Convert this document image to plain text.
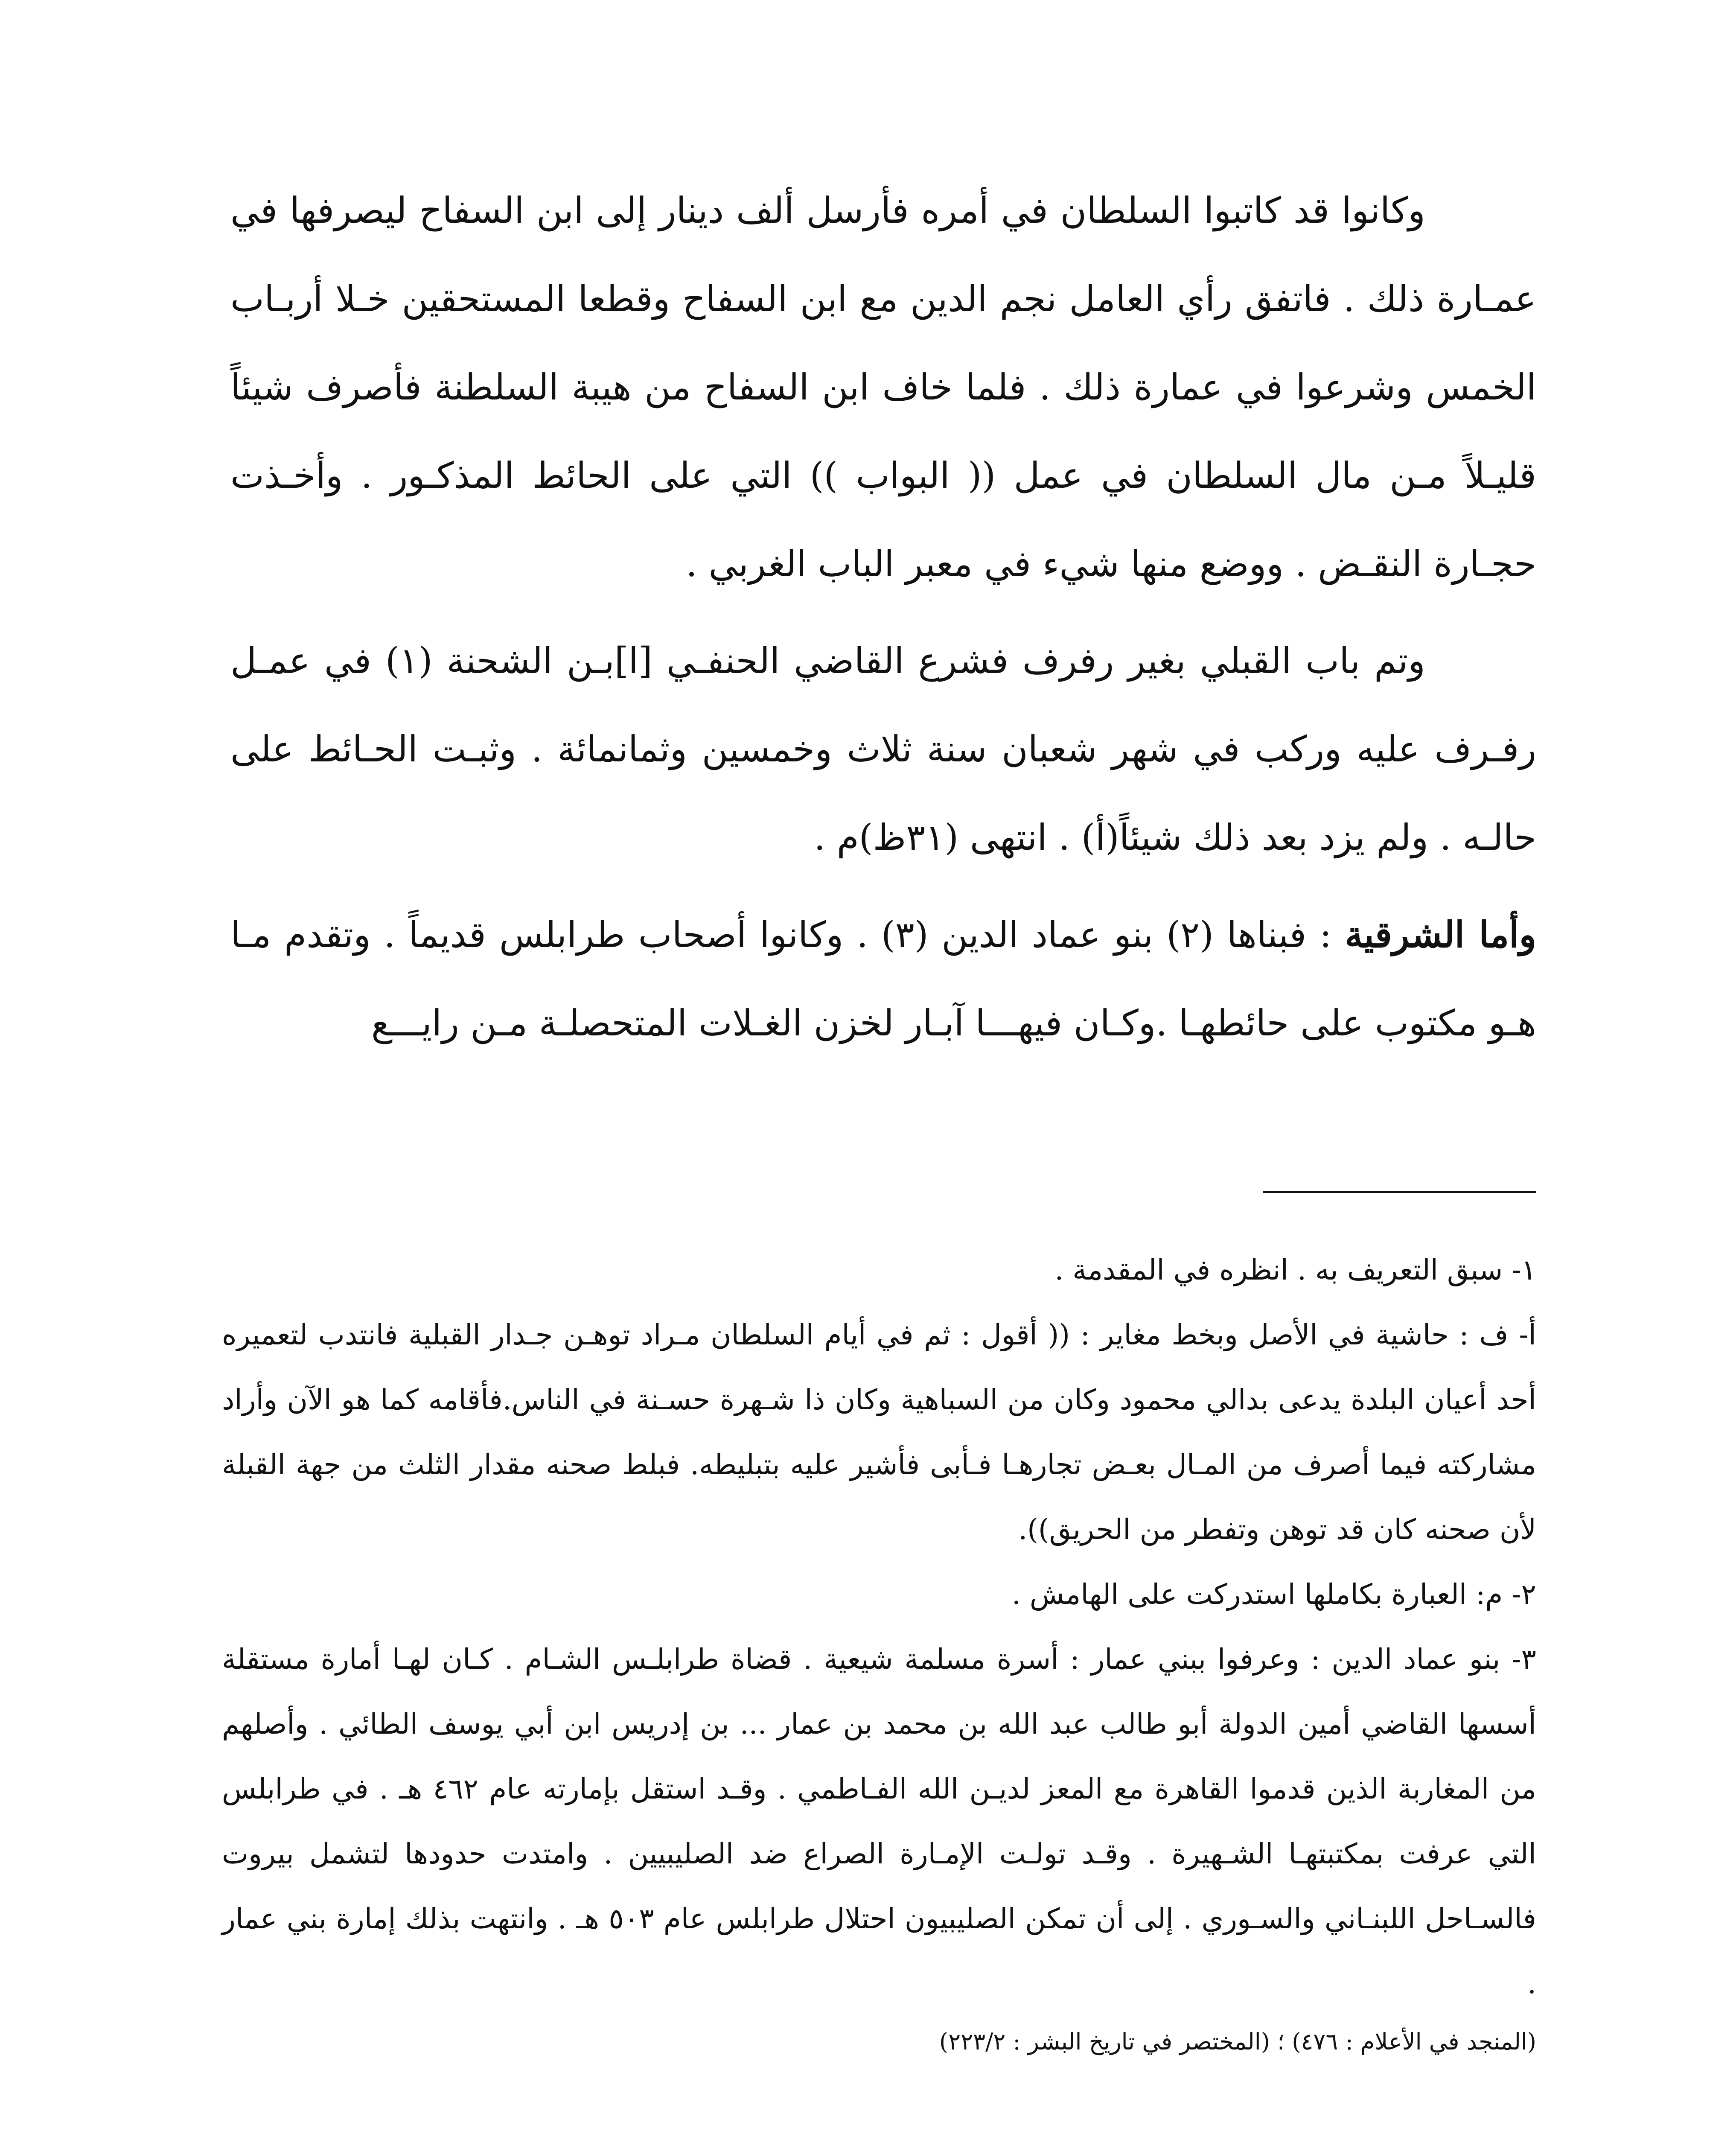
وكانوا قد كاتبوا السلطان في أمره فأرسل ألف دينار إلى ابن السفاح ليصرفها في عمـارة ذلك . فاتفق رأي العامل نجم الدين مع ابن السفاح وقطعا المستحقين خـلا أربـاب الخمس وشرعوا في عمارة ذلك . فلما خاف ابن السفاح من هيبة السلطنة فأصرف شيئاً قليـلاً مـن مال السلطان في عمل (( البواب )) التي على الحائط المذكـور . وأخـذت حجـارة النقـض . ووضع منها شيء في معبر الباب الغربي .

وتم باب القبلي بغير رفرف فشرع القاضي الحنفـي [ا]بـن الشحنة (١) في عمـل رفـرف عليه وركب في شهر شعبان سنة ثلاث وخمسين وثمانمائة . وثبـت الحـائط على حالـه . ولم يزد بعد ذلك شيئاً(أ) . انتهى (٣١ظ)م .

وأما الشرقية : فبناها (٢) بنو عماد الدين (٣) . وكانوا أصحاب طرابلس قديماً . وتقدم مـا هـو مكتوب على حائطهـا .وكـان فيهـــا آبـار لخزن الغـلات المتحصلـة مـن رايـــع

١- سبق التعريف به . انظره في المقدمة .

أ- ف : حاشية في الأصل وبخط مغاير : (( أقول : ثم في أيام السلطان مـراد توهـن جـدار القبلية فانتدب لتعميره أحد أعيان البلدة يدعى بدالي محمود وكان من السباهية وكان ذا شـهرة حسـنة في الناس.فأقامه كما هو الآن وأراد مشاركته فيما أصرف من المـال بعـض تجارهـا فـأبى فأشير عليه بتبليطه. فبلط صحنه مقدار الثلث من جهة القبلة لأن صحنه كان قد توهن وتفطر من الحريق)).

٢- م: العبارة بكاملها استدركت على الهامش .

٣- بنو عماد الدين : وعرفوا ببني عمار : أسرة مسلمة شيعية . قضاة طرابلـس الشـام . كـان لهـا أمارة مستقلة أسسها القاضي أمين الدولة أبو طالب عبد الله بن محمد بن عمار ... بن إدريس ابن أبي يوسف الطائي . وأصلهم من المغاربة الذين قدموا القاهرة مع المعز لديـن الله الفـاطمي . وقـد استقل بإمارته عام ٤٦٢ هـ . في طرابلس التي عرفت بمكتبتهـا الشـهيرة . وقـد تولـت الإمـارة الصراع ضد الصليبيين . وامتدت حدودها لتشمل بيروت فالسـاحل اللبنـاني والسـوري . إلى أن تمكن الصليبيون احتلال طرابلس عام ٥٠٣ هـ . وانتهت بذلك إمارة بني عمار .

(المنجد في الأعلام : ٤٧٦) ؛ (المختصر في تاريخ البشر : ٢٢٣/٢)
